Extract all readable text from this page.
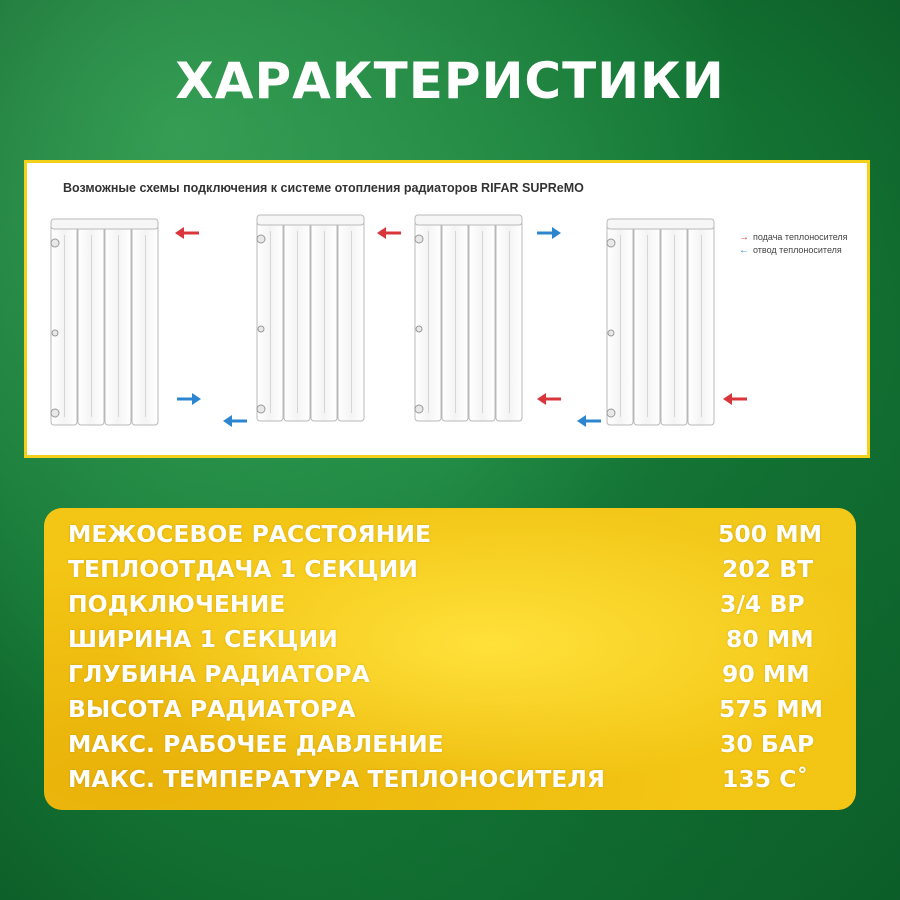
ХАРАКТЕРИСТИКИ
Возможные схемы подключения к системе отопления радиаторов RIFAR SUPReMO
→ подача теплоносителя
← отвод теплоносителя
МЕЖОСЕВОЕ РАССТОЯНИЕ	500 ММ
ТЕПЛООТДАЧА 1 СЕКЦИИ	202 ВТ
ПОДКЛЮЧЕНИЕ	3/4 ВР
ШИРИНА 1 СЕКЦИИ	80 ММ
ГЛУБИНА РАДИАТОРА	90 ММ
ВЫСОТА РАДИАТОРА	575 ММ
МАКС. РАБОЧЕЕ ДАВЛЕНИЕ	30 БАР
МАКС. ТЕМПЕРАТУРА ТЕПЛОНОСИТЕЛЯ	135 С˚
